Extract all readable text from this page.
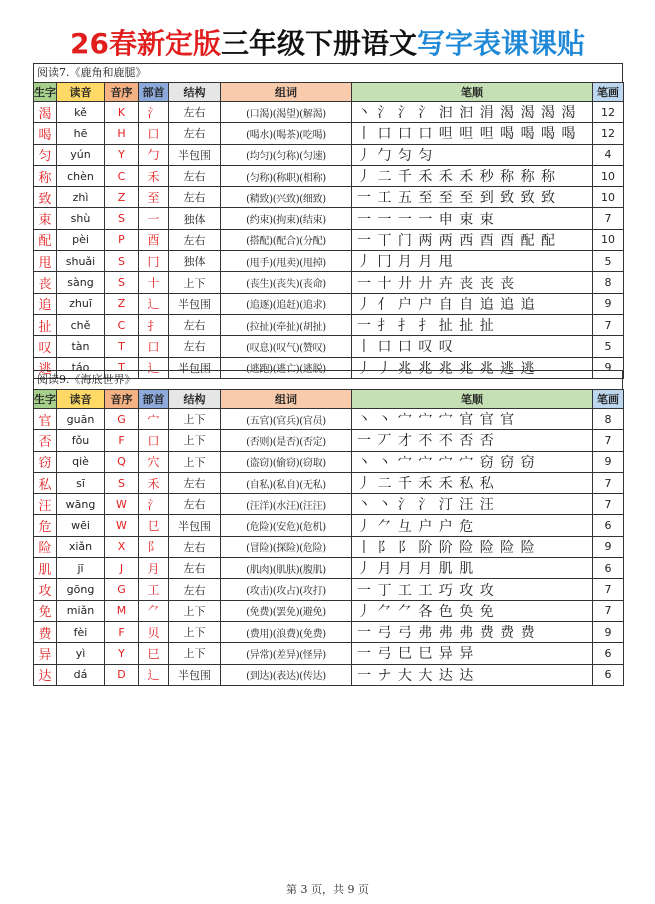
26春新定版三年级下册语文写字表课课贴
阅读7.《鹿角和鹿腿》
生字	读音	音序	部首	结构	组词	笔顺	笔画
渴	kě	K	氵	左右	(口渴)(渴望)(解渴)	丶 氵 氵 氵 汩 汩 涓 渴 渴 渴 渴	12
喝	hē	H	口	左右	(喝水)(喝茶)(吃喝)	丨 口 口 口 呾 呾 呾 喝 喝 喝 喝	12
匀	yún	Y	勹	半包围	(均匀)(匀称)(匀速)	丿 勹 匀 匀	4
称	chèn	C	禾	左右	(匀称)(称职)(相称)	丿 二 千 禾 禾 禾 秒 称 称 称	10
致	zhì	Z	至	左右	(精致)(兴致)(细致)	一 工 五 至 至 至 到 致 致 致	10
束	shù	S	一	独体	(约束)(拘束)(结束)	一 一 一 一 申 束 束	7
配	pèi	P	酉	左右	(搭配)(配合)(分配)	一 丅 门 两 两 西 酉 酉 配 配	10
甩	shuǎi	S	冂	独体	(甩手)(甩卖)(甩掉)	丿 冂 月 月 甩	5
丧	sàng	S	十	上下	(丧生)(丧失)(丧命)	一 十 廾 廾 卉 丧 丧 丧	8
追	zhuī	Z	辶	半包围	(追逐)(追赶)(追求)	丿 亻 户 户 自 自 追 追 追	9
扯	chě	C	扌	左右	(拉扯)(牵扯)(胡扯)	一 扌 扌 扌 扯 扯 扯	7
叹	tàn	T	口	左右	(叹息)(叹气)(赞叹)	丨 口 口 叹 叹	5
逃	táo	T	辶	半包围	(逃跑)(逃亡)(逃脱)	丿 丿 兆 兆 兆 兆 兆 逃 逃	9
阅读9.《海底世界》
生字	读音	音序	部首	结构	组词	笔顺	笔画
官	guān	G	宀	上下	(五官)(官兵)(官员)	丶 丶 宀 宀 宀 官 官 官	8
否	fǒu	F	口	上下	(否则)(是否)(否定)	一 丆 才 不 不 否 否	7
窃	qiè	Q	穴	上下	(盗窃)(偷窃)(窃取)	丶 丶 宀 宀 宀 宀 窃 窃 窃	9
私	sī	S	禾	左右	(自私)(私自)(无私)	丿 二 千 禾 禾 私 私	7
汪	wāng	W	氵	左右	(汪洋)(水汪)(汪汪)	丶 丶 氵 氵 汀 汪 汪	7
危	wēi	W	㔾	半包围	(危险)(安危)(危机)	丿 ⺈ 彑 户 户 危	6
险	xiǎn	X	阝	左右	(冒险)(探险)(危险)	丨 阝 阝 阶 阶 险 险 险 险	9
肌	jī	J	月	左右	(肌肉)(肌肤)(腹肌)	丿 月 月 月 肌 肌	6
攻	gōng	G	工	左右	(攻击)(攻占)(攻打)	一 丁 工 工 巧 攻 攻	7
免	miǎn	M	⺈	上下	(免费)(罢免)(避免)	丿 ⺈ ⺈ 各 色 奂 免	7
费	fèi	F	贝	上下	(费用)(浪费)(免费)	一 弓 弓 弗 弗 弗 费 费 费	9
异	yì	Y	巳	上下	(异常)(差异)(怪异)	一 弓 巳 巳 异 异	6
达	dá	D	辶	半包围	(到达)(表达)(传达)	一 ナ 大 大 达 达	6
第 3 页，共 9 页
